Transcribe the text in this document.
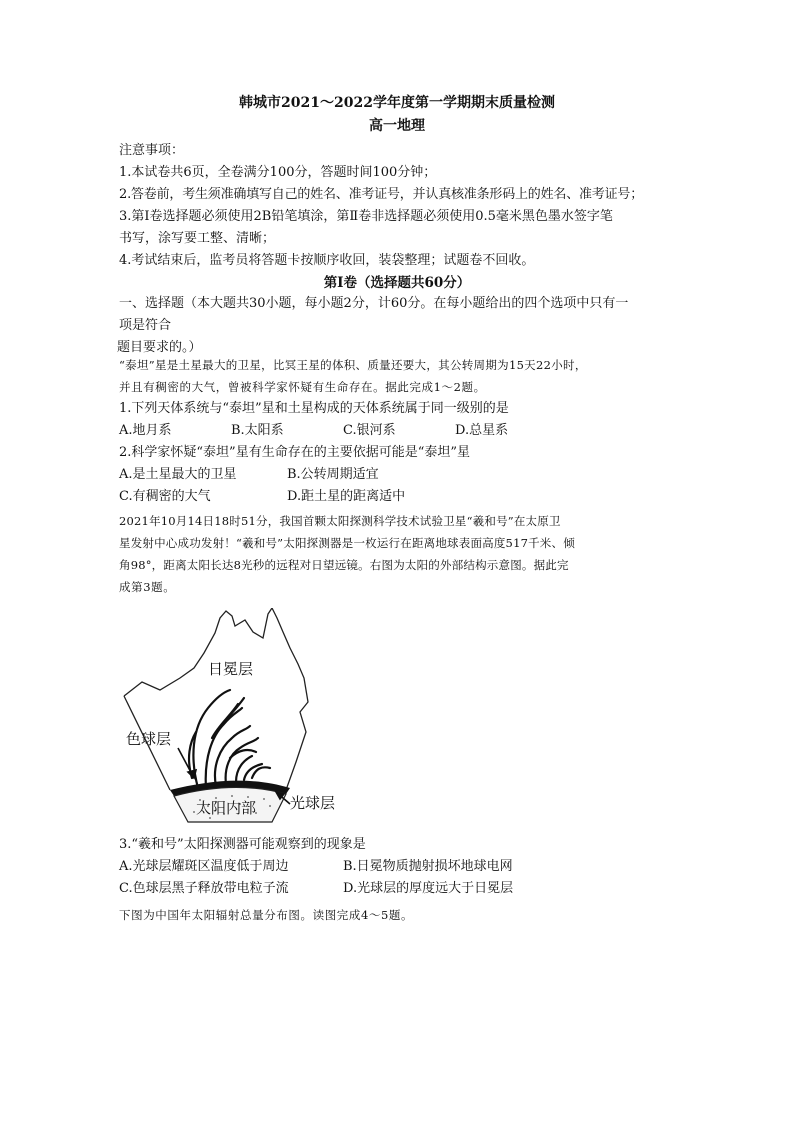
韩城市2021～2022学年度第一学期期末质量检测
高一地理
注意事项：
1.本试卷共6页，全卷满分100分，答题时间100分钟；
2.答卷前，考生须准确填写自己的姓名、准考证号，并认真核准条形码上的姓名、准考证号；
3.第Ⅰ卷选择题必须使用2B铅笔填涂，第Ⅱ卷非选择题必须使用0.5毫米黑色墨水签字笔
书写，涂写要工整、清晰；
4.考试结束后，监考员将答题卡按顺序收回，装袋整理；试题卷不回收。
第Ⅰ卷（选择题共60分）
一、选择题（本大题共30小题，每小题2分，计60分。在每小题给出的四个选项中只有一
项是符合
题目要求的。）
“泰坦”星是土星最大的卫星，比冥王星的体积、质量还要大，其公转周期为15天22小时，
并且有稠密的大气，曾被科学家怀疑有生命存在。据此完成1～2题。
1.下列天体系统与“泰坦”星和土星构成的天体系统属于同一级别的是
A.地月系	B.太阳系	C.银河系	D.总星系
2.科学家怀疑“泰坦”星有生命存在的主要依据可能是“泰坦”星
A.是土星最大的卫星	B.公转周期适宜
C.有稠密的大气	D.距土星的距离适中
2021年10月14日18时51分，我国首颗太阳探测科学技术试验卫星“羲和号”在太原卫
星发射中心成功发射！“羲和号”太阳探测器是一枚运行在距离地球表面高度517千米、倾
角98°，距离太阳长达8光秒的远程对日望远镜。右图为太阳的外部结构示意图。据此完
成第3题。
日冕层
色球层
太阳内部 光球层
3.“羲和号”太阳探测器可能观察到的现象是
A.光球层耀斑区温度低于周边	B.日冕物质抛射损坏地球电网
C.色球层黑子释放带电粒子流	D.光球层的厚度远大于日冕层
下图为中国年太阳辐射总量分布图。读图完成4～5题。
